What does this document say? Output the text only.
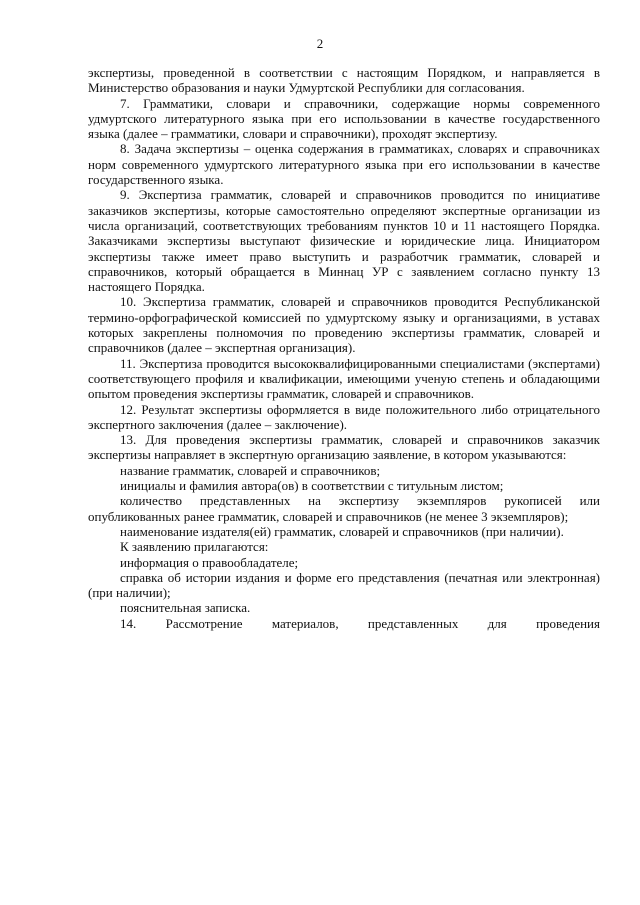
2

экспертизы, проведенной в соответствии с настоящим Порядком, и направляется в Министерство образования и науки Удмуртской Республики для согласования.

7. Грамматики, словари и справочники, содержащие нормы современного удмуртского литературного языка при его использовании в качестве государственного языка (далее – грамматики, словари и справочники), проходят экспертизу.

8. Задача экспертизы – оценка содержания в грамматиках, словарях и справочниках норм современного удмуртского литературного языка при его использовании в качестве государственного языка.

9. Экспертиза грамматик, словарей и справочников проводится по инициативе заказчиков экспертизы, которые самостоятельно определяют экспертные организации из числа организаций, соответствующих требованиям пунктов 10 и 11 настоящего Порядка. Заказчиками экспертизы выступают физические и юридические лица. Инициатором экспертизы также имеет право выступить и разработчик грамматик, словарей и справочников, который обращается в Миннац УР с заявлением согласно пункту 13 настоящего Порядка.

10. Экспертиза грамматик, словарей и справочников проводится Республиканской термино-орфографической комиссией по удмуртскому языку и организациями, в уставах которых закреплены полномочия по проведению экспертизы грамматик, словарей и справочников (далее – экспертная организация).

11. Экспертиза проводится высококвалифицированными специалистами (экспертами) соответствующего профиля и квалификации, имеющими ученую степень и обладающими опытом проведения экспертизы грамматик, словарей и справочников.

12. Результат экспертизы оформляется в виде положительного либо отрицательного экспертного заключения (далее – заключение).

13. Для проведения экспертизы грамматик, словарей и справочников заказчик экспертизы направляет в экспертную организацию заявление, в котором указываются:

название грамматик, словарей и справочников;

инициалы и фамилия автора(ов) в соответствии с титульным листом;

количество представленных на экспертизу экземпляров рукописей или опубликованных ранее грамматик, словарей и справочников (не менее 3 экземпляров);

наименование издателя(ей) грамматик, словарей и справочников (при наличии).

К заявлению прилагаются:

информация о правообладателе;

справка об истории издания и форме его представления (печатная или электронная) (при наличии);

пояснительная записка.

14. Рассмотрение материалов, представленных для проведения
